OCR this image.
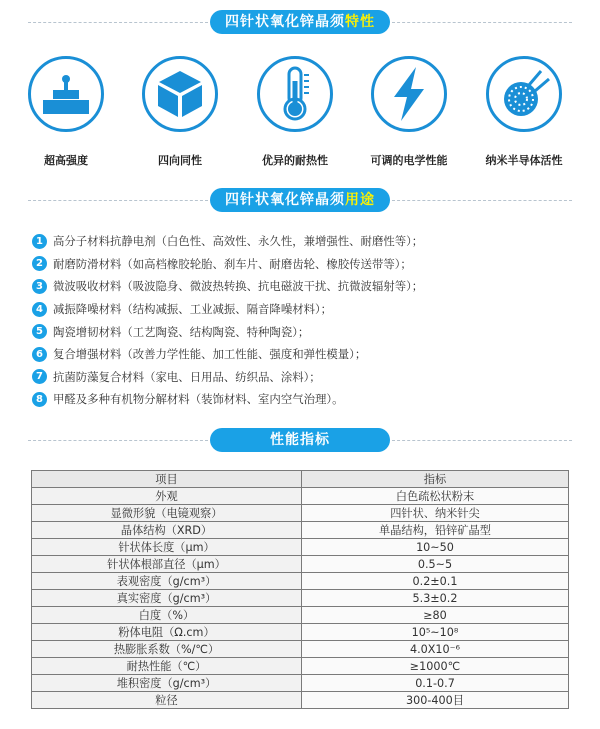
四针状氧化锌晶须特性
超高强度	四向同性	优异的耐热性	可调的电学性能	纳米半导体活性
四针状氧化锌晶须用途
1 高分子材料抗静电剂（白色性、高效性、永久性，兼增强性、耐磨性等）；
2 耐磨防滑材料（如高档橡胶轮胎、刹车片、耐磨齿轮、橡胶传送带等）；
3 微波吸收材料（吸波隐身、微波热转换、抗电磁波干扰、抗微波辐射等）；
4 减振降噪材料（结构减振、工业减振、隔音降噪材料）；
5 陶瓷增韧材料（工艺陶瓷、结构陶瓷、特种陶瓷）；
6 复合增强材料（改善力学性能、加工性能、强度和弹性模量）；
7 抗菌防藻复合材料（家电、日用品、纺织品、涂料）；
8 甲醛及多种有机物分解材料（装饰材料、室内空气治理）。
性能指标
项目	指标
外观	白色疏松状粉末
显微形貌（电镜观察）	四针状、纳米针尖
晶体结构（XRD）	单晶结构，铅锌矿晶型
针状体长度（μm）	10~50
针状体根部直径（μm）	0.5~5
表观密度（g/cm³）	0.2±0.1
真实密度（g/cm³）	5.3±0.2
白度（%）	≥80
粉体电阻（Ω.cm）	10⁵~10⁸
热膨胀系数（%/℃）	4.0X10⁻⁶
耐热性能（℃）	≥1000℃
堆积密度（g/cm³）	0.1-0.7
粒径	300-400目
